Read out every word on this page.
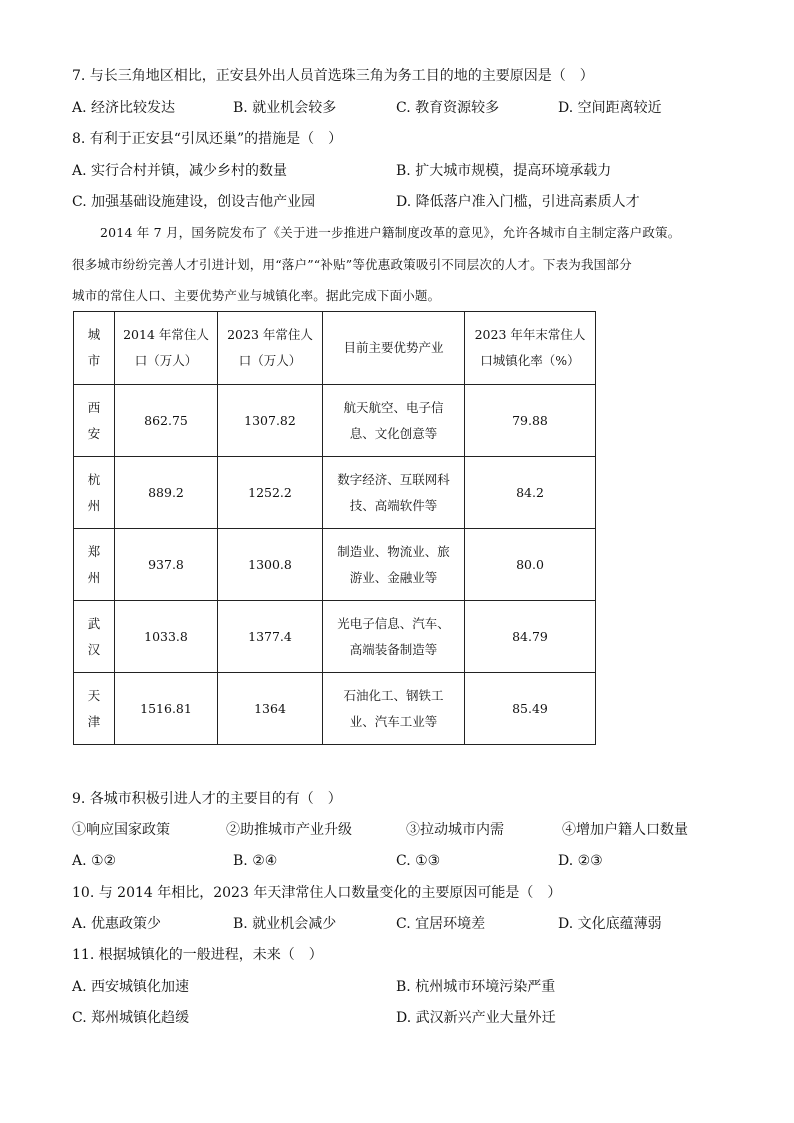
7. 与长三角地区相比，正安县外出人员首选珠三角为务工目的地的主要原因是（　）
A. 经济比较发达	B. 就业机会较多	C. 教育资源较多	D. 空间距离较近
8. 有利于正安县“引凤还巢”的措施是（　）
A. 实行合村并镇，减少乡村的数量	B. 扩大城市规模，提高环境承载力
C. 加强基础设施建设，创设吉他产业园	D. 降低落户准入门槛，引进高素质人才
2014 年 7 月，国务院发布了《关于进一步推进户籍制度改革的意见》，允许各城市自主制定落户政策。
很多城市纷纷完善人才引进计划，用“落户”“补贴”等优惠政策吸引不同层次的人才。下表为我国部分
城市的常住人口、主要优势产业与城镇化率。据此完成下面小题。
城
市	2014 年常住人
口（万人）	2023 年常住人
口（万人）	目前主要优势产业	2023 年年末常住人
口城镇化率（%）

西
安	862.75	1307.82	航天航空、电子信
息、文化创意等	79.88

杭
州	889.2	1252.2	数字经济、互联网科
技、高端软件等	84.2

郑
州	937.8	1300.8	制造业、物流业、旅
游业、金融业等	80.0

武
汉	1033.8	1377.4	光电子信息、汽车、
高端装备制造等	84.79

天
津	1516.81	1364	石油化工、钢铁工
业、汽车工业等	85.49
9. 各城市积极引进人才的主要目的有（　）
①响应国家政策	②助推城市产业升级	③拉动城市内需	④增加户籍人口数量
A. ①②	B. ②④	C. ①③	D. ②③
10. 与 2014 年相比，2023 年天津常住人口数量变化的主要原因可能是（　）
A. 优惠政策少	B. 就业机会减少	C. 宜居环境差	D. 文化底蕴薄弱
11. 根据城镇化的一般进程，未来（　）
A. 西安城镇化加速	B. 杭州城市环境污染严重
C. 郑州城镇化趋缓	D. 武汉新兴产业大量外迁
